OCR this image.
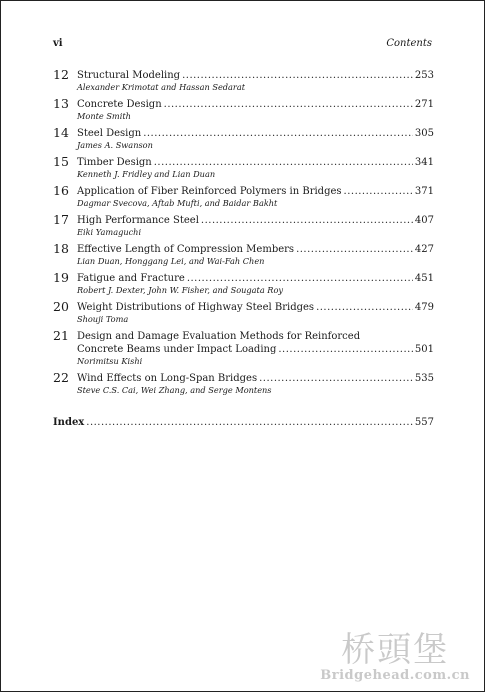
vi	Contents
12 Structural Modeling .....	253
Alexander Krimotat and Hassan Sedarat
13 Concrete Design .....	271
Monte Smith
14 Steel Design .....	305
James A. Swanson
15 Timber Design .....	341
Kenneth J. Fridley and Lian Duan
16 Application of Fiber Reinforced Polymers in Bridges .....	371
Dagmar Svecova, Aftab Mufti, and Baidar Bakht
17 High Performance Steel .....	407
Eiki Yamaguchi
18 Effective Length of Compression Members .....	427
Lian Duan, Honggang Lei, and Wai-Fah Chen
19 Fatigue and Fracture .....	451
Robert J. Dexter, John W. Fisher, and Sougata Roy
20 Weight Distributions of Highway Steel Bridges .....	479
Shouji Toma
21 Design and Damage Evaluation Methods for Reinforced
Concrete Beams under Impact Loading .....	501
Norimitsu Kishi
22 Wind Effects on Long-Span Bridges .....	535
Steve C.S. Cai, Wei Zhang, and Serge Montens
Index .....	557
桥頭堡
Bridgehead.com.cn
